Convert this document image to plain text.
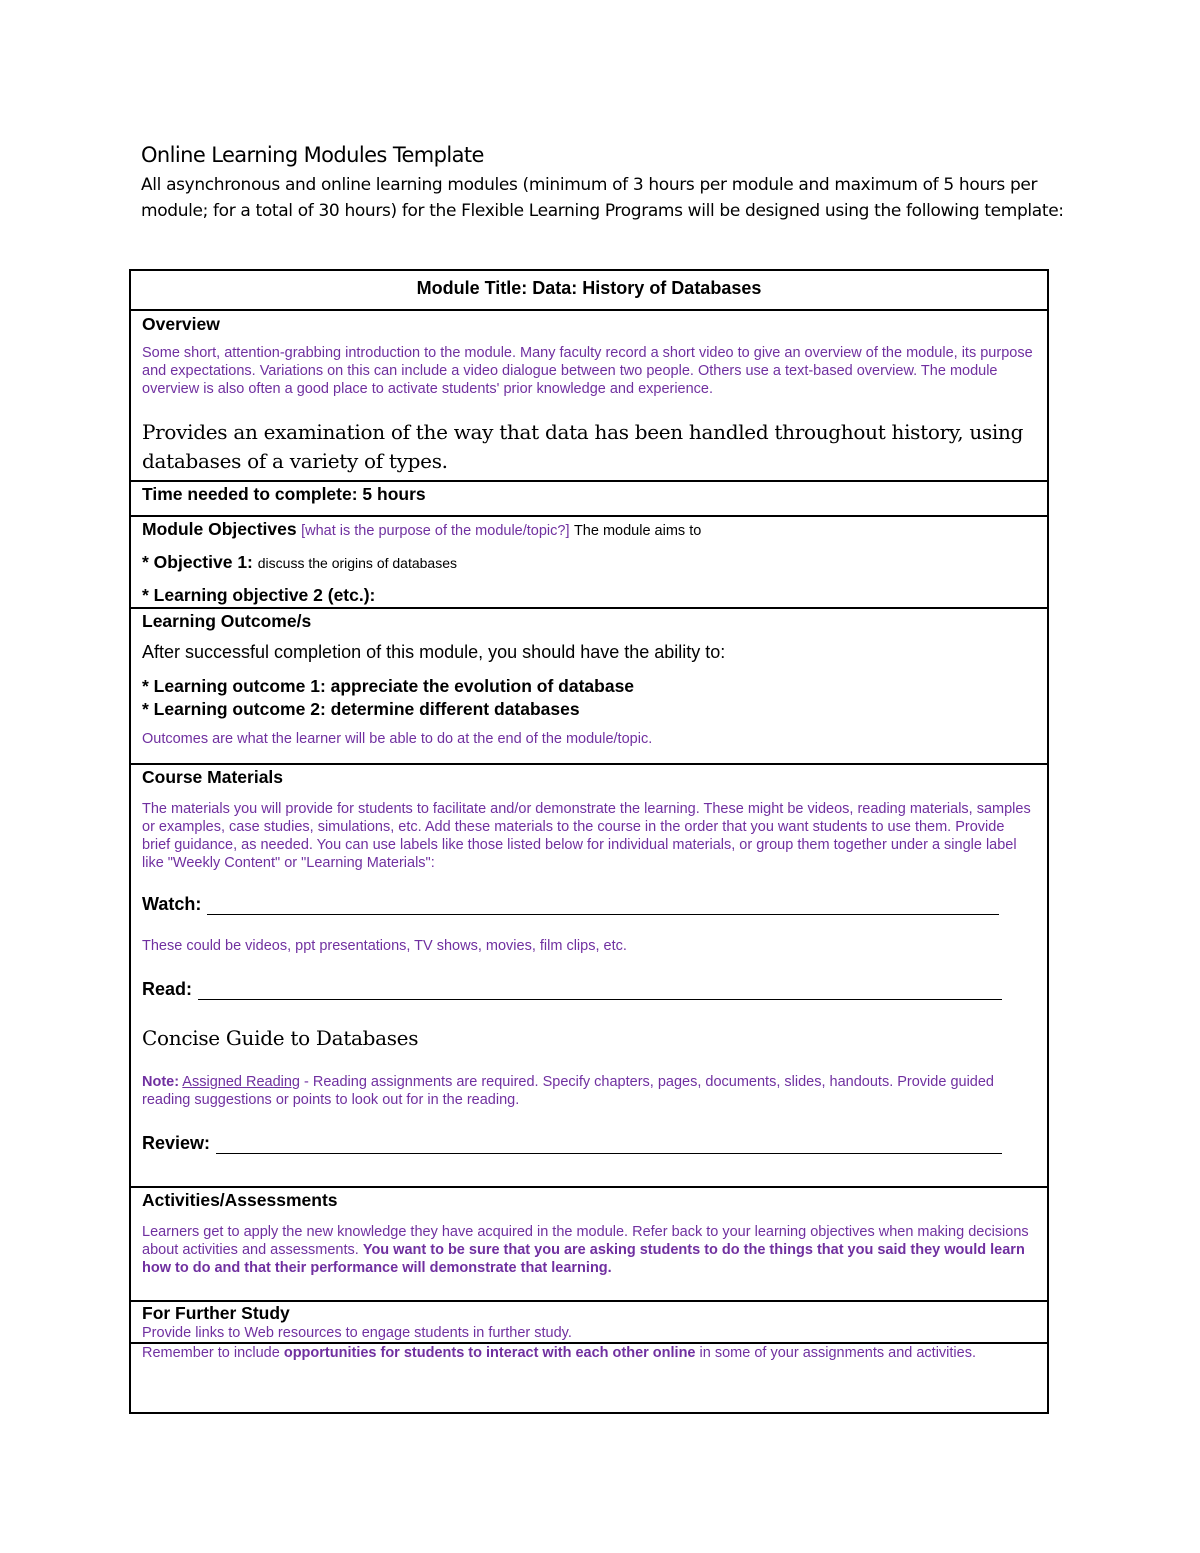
Online Learning Modules Template
All asynchronous and online learning modules (minimum of 3 hours per module and maximum of 5 hours per module; for a total of 30 hours) for the Flexible Learning Programs will be designed using the following template:
Module Title: Data: History of Databases
Overview
Some short, attention-grabbing introduction to the module. Many faculty record a short video to give an overview of the module, its purpose and expectations. Variations on this can include a video dialogue between two people. Others use a text-based overview. The module overview is also often a good place to activate students' prior knowledge and experience.
Provides an examination of the way that data has been handled throughout history, using databases of a variety of types.
Time needed to complete: 5 hours
Module Objectives [what is the purpose of the module/topic?] The module aims to
* Objective 1: discuss the origins of databases
* Learning objective 2 (etc.):
Learning Outcome/s
After successful completion of this module, you should have the ability to:
* Learning outcome 1: appreciate the evolution of database
* Learning outcome 2: determine different databases
Outcomes are what the learner will be able to do at the end of the module/topic.
Course Materials
The materials you will provide for students to facilitate and/or demonstrate the learning. These might be videos, reading materials, samples or examples, case studies, simulations, etc. Add these materials to the course in the order that you want students to use them. Provide brief guidance, as needed. You can use labels like those listed below for individual materials, or group them together under a single label like "Weekly Content" or "Learning Materials":
Watch:
These could be videos, ppt presentations, TV shows, movies, film clips, etc.
Read:
Concise Guide to Databases
Note: Assigned Reading - Reading assignments are required. Specify chapters, pages, documents, slides, handouts. Provide guided reading suggestions or points to look out for in the reading.
Review:
Activities/Assessments
Learners get to apply the new knowledge they have acquired in the module. Refer back to your learning objectives when making decisions about activities and assessments. You want to be sure that you are asking students to do the things that you said they would learn how to do and that their performance will demonstrate that learning.
For Further Study
Provide links to Web resources to engage students in further study.
Remember to include opportunities for students to interact with each other online in some of your assignments and activities.
